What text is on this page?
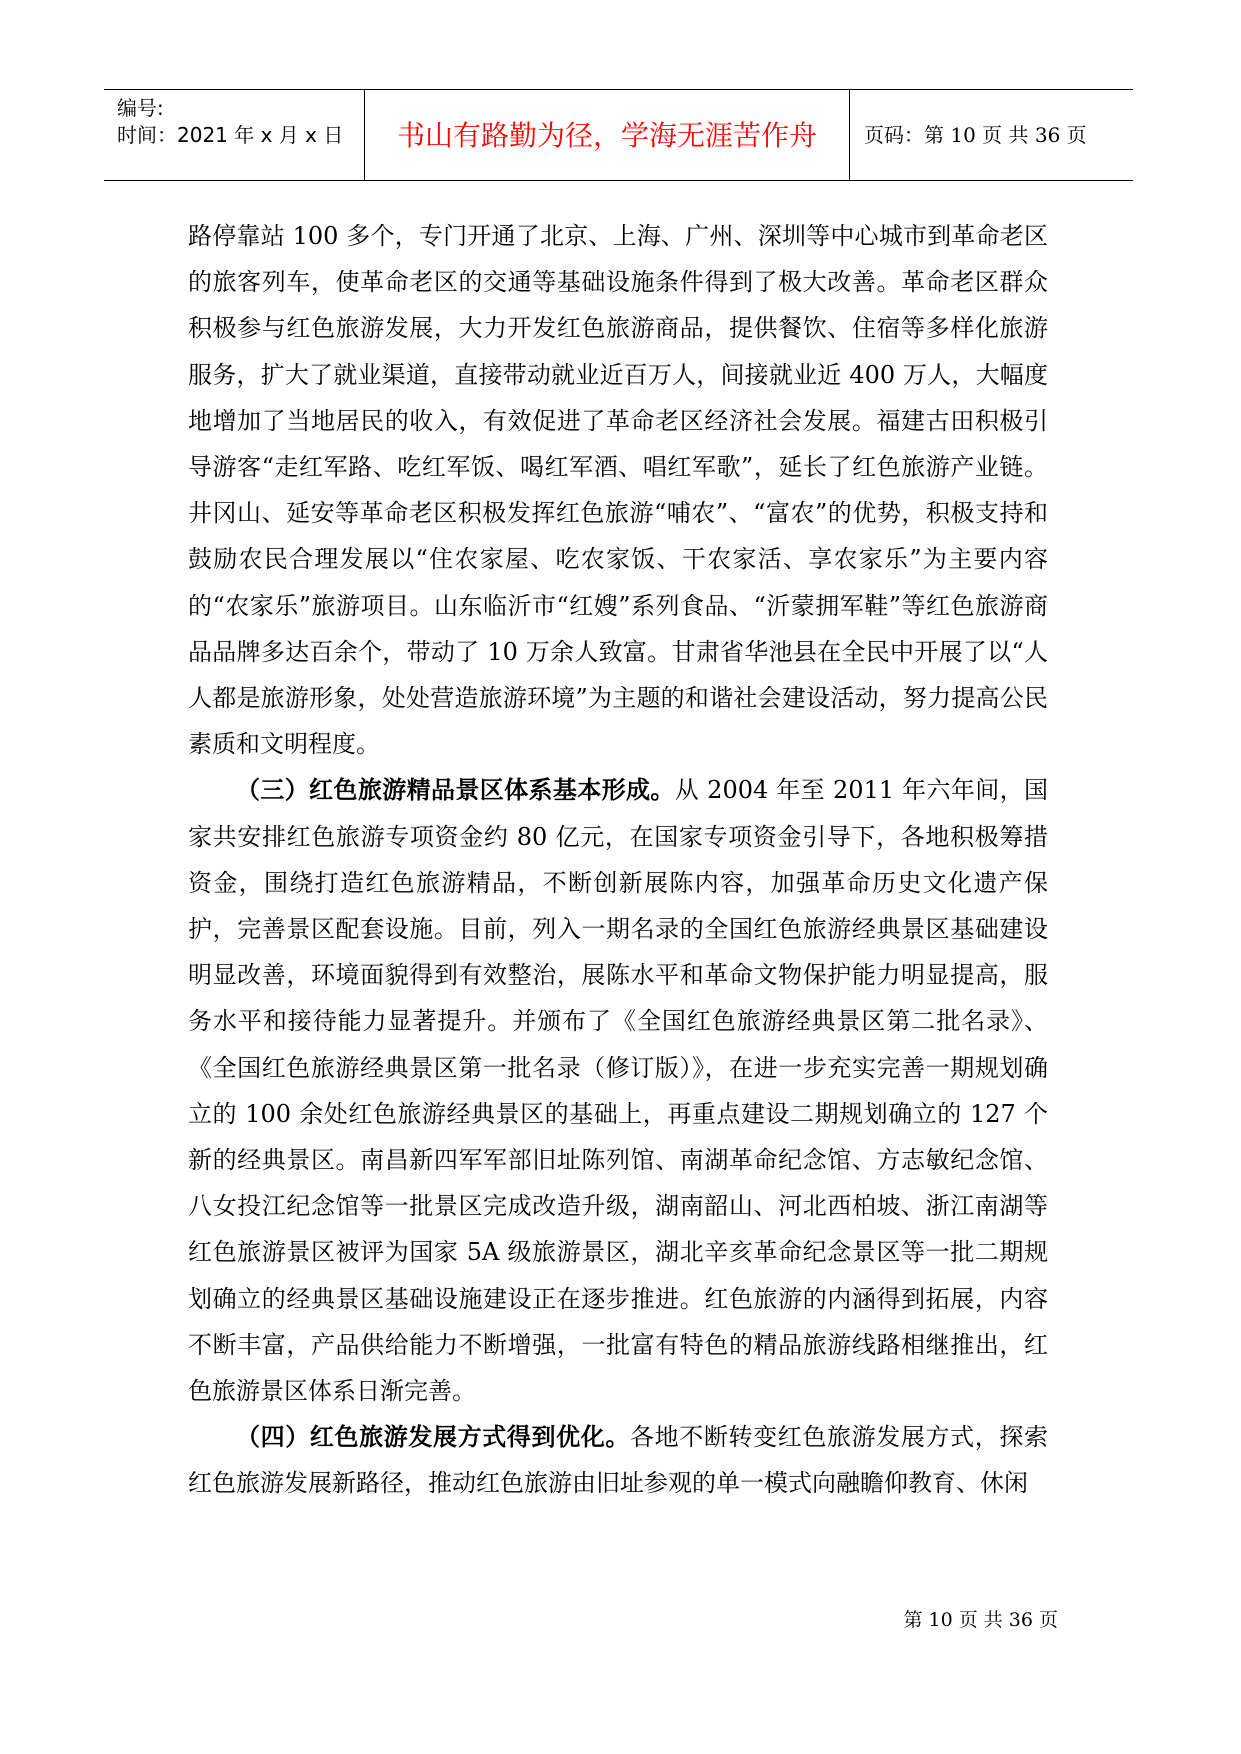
编号:
时间：2021 年 x 月 x 日	书山有路勤为径，学海无涯苦作舟	页码：第 10 页 共 36 页

路停靠站 100 多个，专门开通了北京、上海、广州、深圳等中心城市到革命老区的旅客列车，使革命老区的交通等基础设施条件得到了极大改善。革命老区群众积极参与红色旅游发展，大力开发红色旅游商品，提供餐饮、住宿等多样化旅游服务，扩大了就业渠道，直接带动就业近百万人，间接就业近 400 万人，大幅度地增加了当地居民的收入，有效促进了革命老区经济社会发展。福建古田积极引导游客“走红军路、吃红军饭、喝红军酒、唱红军歌”，延长了红色旅游产业链。井冈山、延安等革命老区积极发挥红色旅游“哺农”、“富农”的优势，积极支持和鼓励农民合理发展以“住农家屋、吃农家饭、干农家活、享农家乐”为主要内容的“农家乐”旅游项目。山东临沂市“红嫂”系列食品、“沂蒙拥军鞋”等红色旅游商品品牌多达百余个，带动了 10 万余人致富。甘肃省华池县在全民中开展了以“人人都是旅游形象，处处营造旅游环境”为主题的和谐社会建设活动，努力提高公民素质和文明程度。

（三）红色旅游精品景区体系基本形成。从 2004 年至 2011 年六年间，国家共安排红色旅游专项资金约 80 亿元，在国家专项资金引导下，各地积极筹措资金，围绕打造红色旅游精品，不断创新展陈内容，加强革命历史文化遗产保护，完善景区配套设施。目前，列入一期名录的全国红色旅游经典景区基础建设明显改善，环境面貌得到有效整治，展陈水平和革命文物保护能力明显提高，服务水平和接待能力显著提升。并颁布了《全国红色旅游经典景区第二批名录》、《全国红色旅游经典景区第一批名录（修订版）》，在进一步充实完善一期规划确立的 100 余处红色旅游经典景区的基础上，再重点建设二期规划确立的 127 个新的经典景区。南昌新四军军部旧址陈列馆、南湖革命纪念馆、方志敏纪念馆、八女投江纪念馆等一批景区完成改造升级，湖南韶山、河北西柏坡、浙江南湖等红色旅游景区被评为国家 5A 级旅游景区，湖北辛亥革命纪念景区等一批二期规划确立的经典景区基础设施建设正在逐步推进。红色旅游的内涵得到拓展，内容不断丰富，产品供给能力不断增强，一批富有特色的精品旅游线路相继推出，红色旅游景区体系日渐完善。

（四）红色旅游发展方式得到优化。各地不断转变红色旅游发展方式，探索红色旅游发展新路径，推动红色旅游由旧址参观的单一模式向融瞻仰教育、休闲

第 10 页 共 36 页
